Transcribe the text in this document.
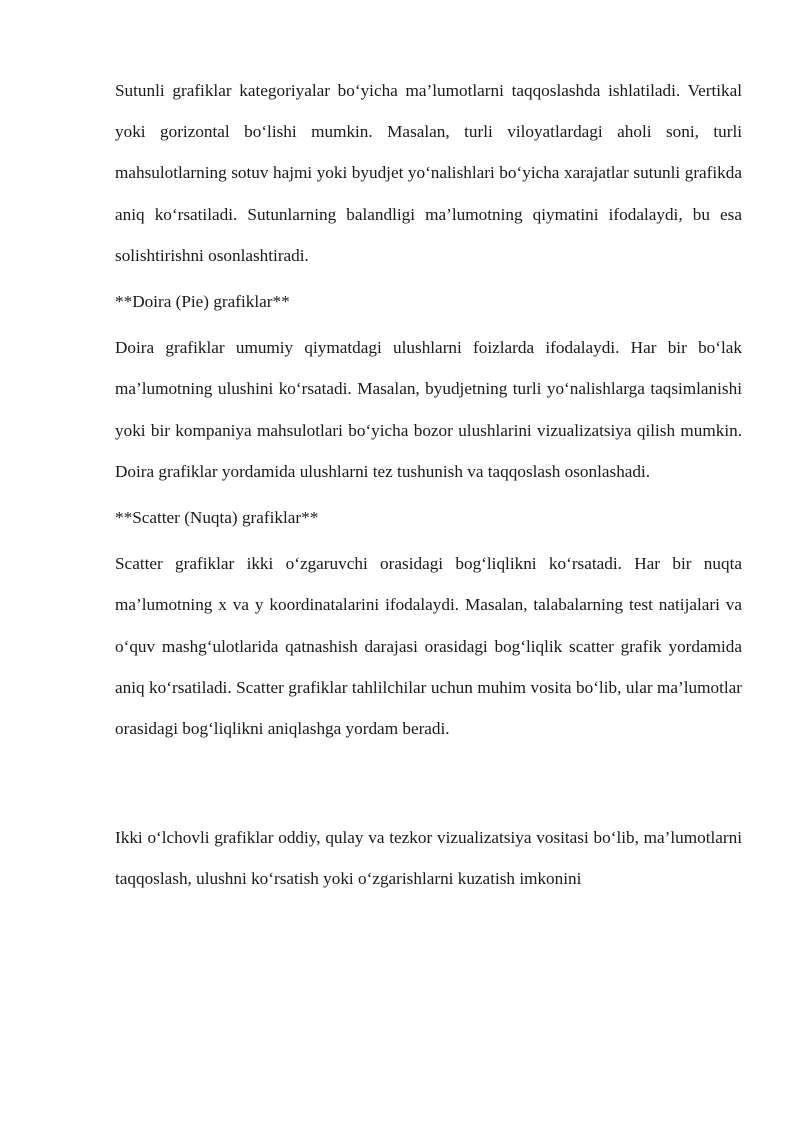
Sutunli grafiklar kategoriyalar bo‘yicha ma’lumotlarni taqqoslashda ishlatiladi. Vertikal yoki gorizontal bo‘lishi mumkin. Masalan, turli viloyatlardagi aholi soni, turli mahsulotlarning sotuv hajmi yoki byudjet yo‘nalishlari bo‘yicha xarajatlar sutunli grafikda aniq ko‘rsatiladi. Sutunlarning balandligi ma’lumotning qiymatini ifodalaydi, bu esa solishtirishni osonlashtiradi.

**Doira (Pie) grafiklar**

Doira grafiklar umumiy qiymatdagi ulushlarni foizlarda ifodalaydi. Har bir bo‘lak ma’lumotning ulushini ko‘rsatadi. Masalan, byudjetning turli yo‘nalishlarga taqsimlanishi yoki bir kompaniya mahsulotlari bo‘yicha bozor ulushlarini vizualizatsiya qilish mumkin. Doira grafiklar yordamida ulushlarni tez tushunish va taqqoslash osonlashadi.

**Scatter (Nuqta) grafiklar**

Scatter grafiklar ikki o‘zgaruvchi orasidagi bog‘liqlikni ko‘rsatadi. Har bir nuqta ma’lumotning x va y koordinatalarini ifodalaydi. Masalan, talabalarning test natijalari va o‘quv mashg‘ulotlarida qatnashish darajasi orasidagi bog‘liqlik scatter grafik yordamida aniq ko‘rsatiladi. Scatter grafiklar tahlilchilar uchun muhim vosita bo‘lib, ular ma’lumotlar orasidagi bog‘liqlikni aniqlashga yordam beradi.

Ikki o‘lchovli grafiklar oddiy, qulay va tezkor vizualizatsiya vositasi bo‘lib, ma’lumotlarni taqqoslash, ulushni ko‘rsatish yoki o‘zgarishlarni kuzatish imkonini
